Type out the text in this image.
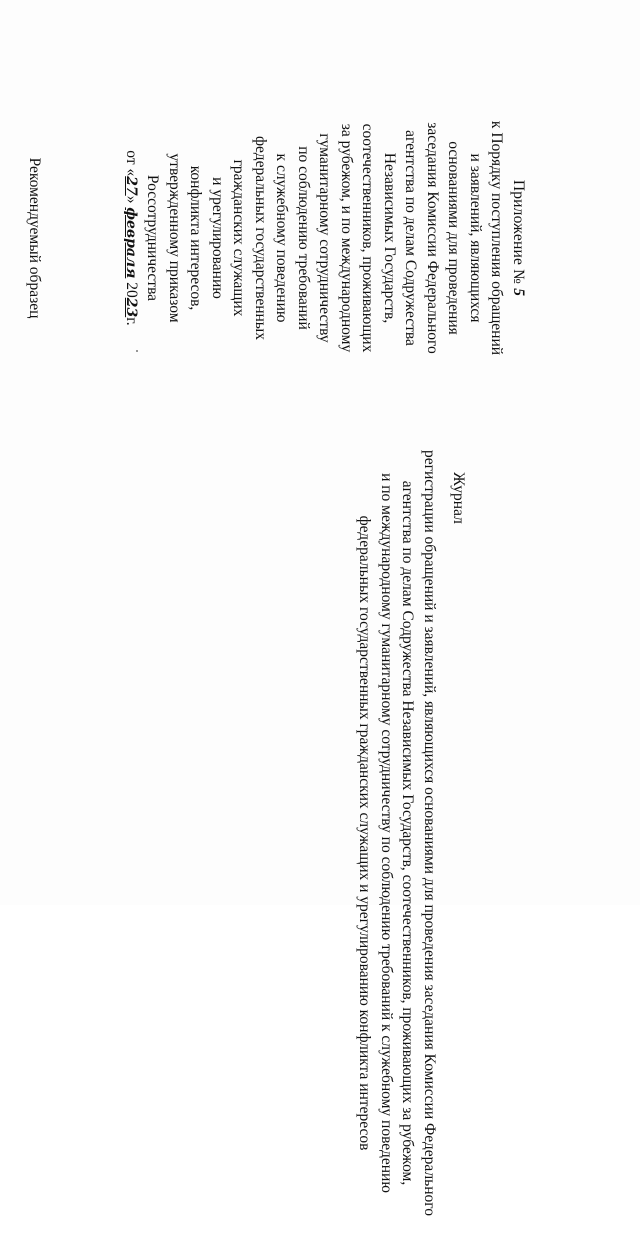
Приложение № 5
к Порядку поступления обращений
и заявлений, являющихся
основаниями для проведения
заседания Комиссии Федерального
агентства по делам Содружества
Независимых Государств,
соотечественников, проживающих
за рубежом, и по международному
гуманитарному сотрудничеству
по соблюдению требований
к служебному поведению
федеральных государственных
гражданских служащих
и урегулированию
конфликта интересов,
утвержденному приказом
Россотрудничества
от «27» февраля 2023г.
Рекомендуемый образец
Журнал
регистрации обращений и заявлений, являющихся основаниями для проведения заседания Комиссии Федерального
агентства по делам Содружества Независимых Государств, соотечественников, проживающих за рубежом,
и по международному гуманитарному сотрудничеству по соблюдению требований к служебному поведению
федеральных государственных гражданских служащих и урегулированию конфликта интересов
